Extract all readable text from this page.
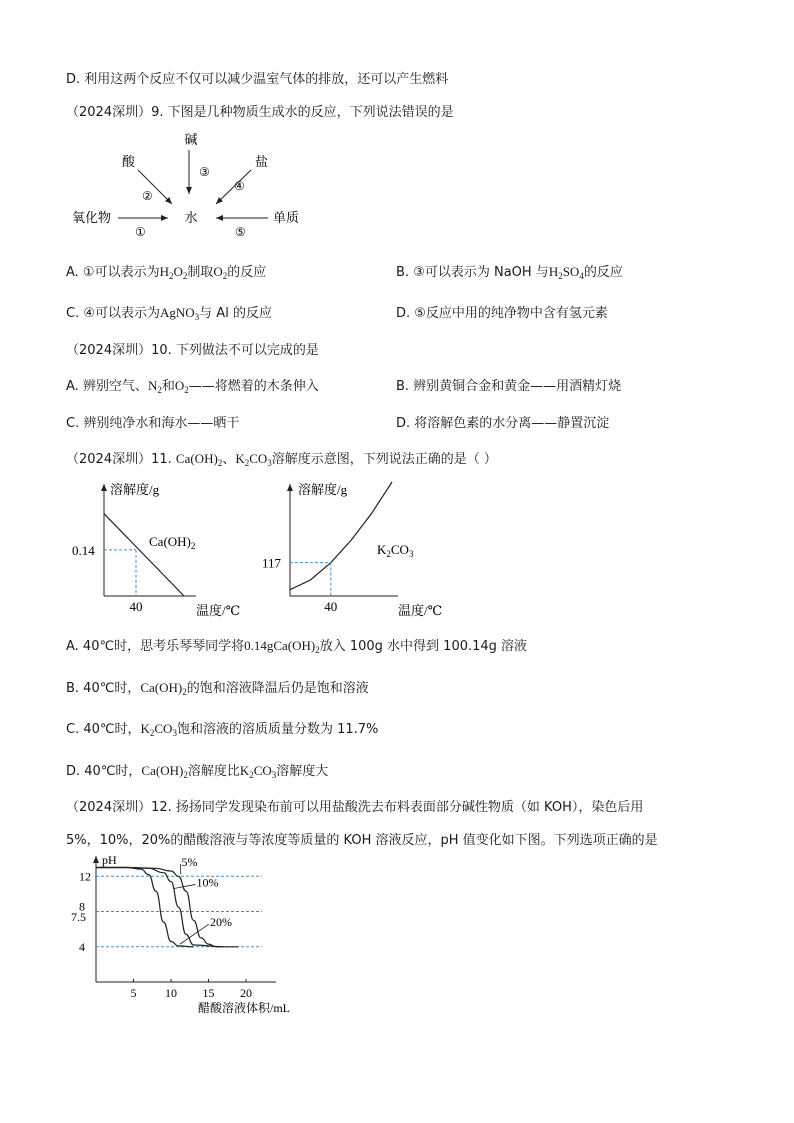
D. 利用这两个反应不仅可以减少温室气体的排放，还可以产生燃料
（2024深圳）9. 下图是几种物质生成水的反应，下列说法错误的是
碱
③
酸
②
盐
④
水
氧化物
①
单质
⑤
A. ①可以表示为$H_2O_2$制取$O_2$的反应	B. ③可以表示为 NaOH 与$H_2SO_4$的反应
C. ④可以表示为AgNO$_3$与 Al 的反应	D. ⑤反应中用的纯净物中含有氢元素
（2024深圳）10. 下列做法不可以完成的是
A. 辨别空气、$N_2$和$O_2——$将燃着的木条伸入	B. 辨别黄铜合金和黄金——用酒精灯烧
C. 辨别纯净水和海水——晒干	D. 将溶解色素的水分离——静置沉淀
（2024深圳）11. $Ca(OH)_2$、$K_2CO_3$溶解度示意图，下列说法正确的是（ ）
溶解度/g
温度/℃
0.14
40
$Ca(OH)_2$
溶解度/g
温度/℃
117
40
$K_2CO_3$
A. 40℃时，思考乐琴琴同学将$0.14gCa(OH)_2$放入 100g 水中得到 100.14g 溶液
B. 40℃时，$Ca(OH)_2$的饱和溶液降温后仍是饱和溶液
C. 40℃时，$K_2CO_3$饱和溶液的溶质质量分数为 11.7%
D. 40℃时，$Ca(OH)_2$溶解度比$K_2CO_3$溶解度大
（2024深圳）12. 扬扬同学发现染布前可以用盐酸洗去布料表面部分碱性物质（如 KOH），染色后用
5%，10%，20%的醋酸溶液与等浓度等质量的 KOH 溶液反应，pH 值变化如下图。下列选项正确的是
pH
醋酸溶液体积/mL
4
7.5
8
12
5 10 15 20
5%
10%
20%
